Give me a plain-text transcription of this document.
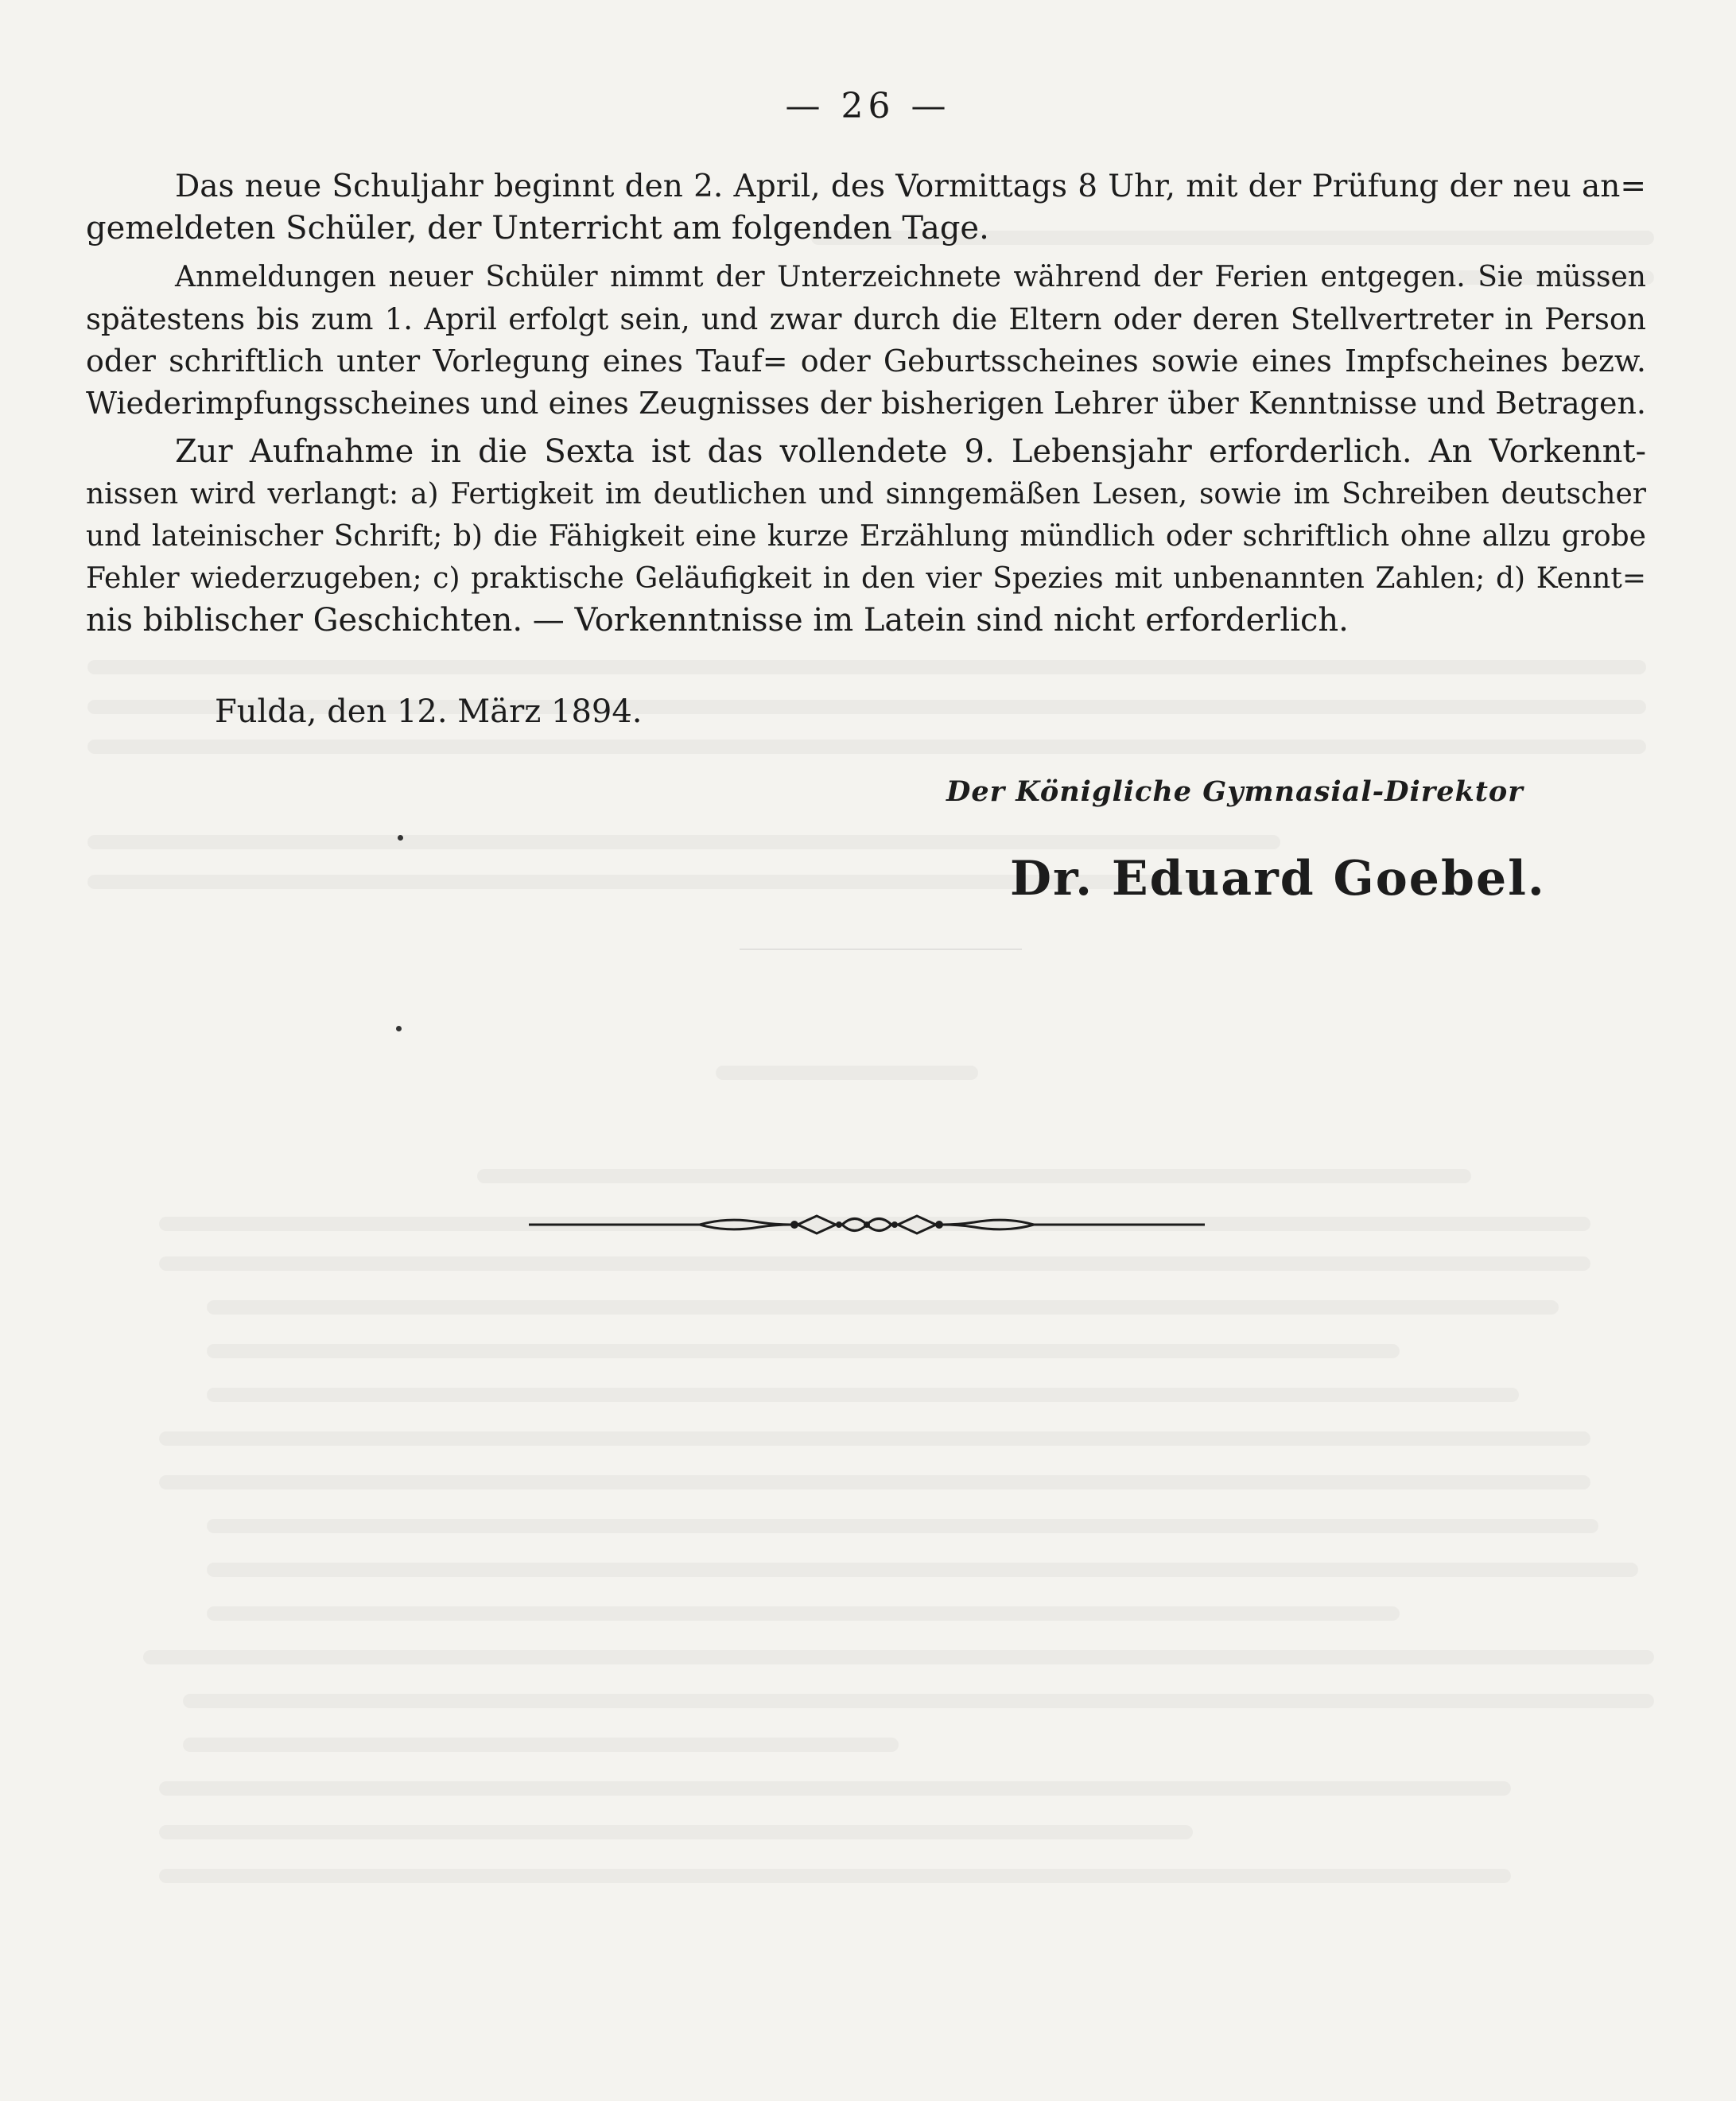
— 26 —
Das neue Schuljahr beginnt den 2. April, des Vormittags 8 Uhr, mit der Prüfung der neu an=
gemeldeten Schüler, der Unterricht am folgenden Tage.
Anmeldungen neuer Schüler nimmt der Unterzeichnete während der Ferien entgegen. Sie müssen
spätestens bis zum 1. April erfolgt sein, und zwar durch die Eltern oder deren Stellvertreter in Person
oder schriftlich unter Vorlegung eines Tauf= oder Geburtsscheines sowie eines Impfscheines bezw.
Wiederimpfungsscheines und eines Zeugnisses der bisherigen Lehrer über Kenntnisse und Betragen.
Zur Aufnahme in die Sexta ist das vollendete 9. Lebensjahr erforderlich. An Vorkennt-
nissen wird verlangt: a) Fertigkeit im deutlichen und sinngemäßen Lesen, sowie im Schreiben deutscher
und lateinischer Schrift; b) die Fähigkeit eine kurze Erzählung mündlich oder schriftlich ohne allzu grobe
Fehler wiederzugeben; c) praktische Geläufigkeit in den vier Spezies mit unbenannten Zahlen; d) Kennt=
nis biblischer Geschichten. — Vorkenntnisse im Latein sind nicht erforderlich.
Fulda, den 12. März 1894.
Der Königliche Gymnasial-Direktor
Dr. Eduard Goebel.
